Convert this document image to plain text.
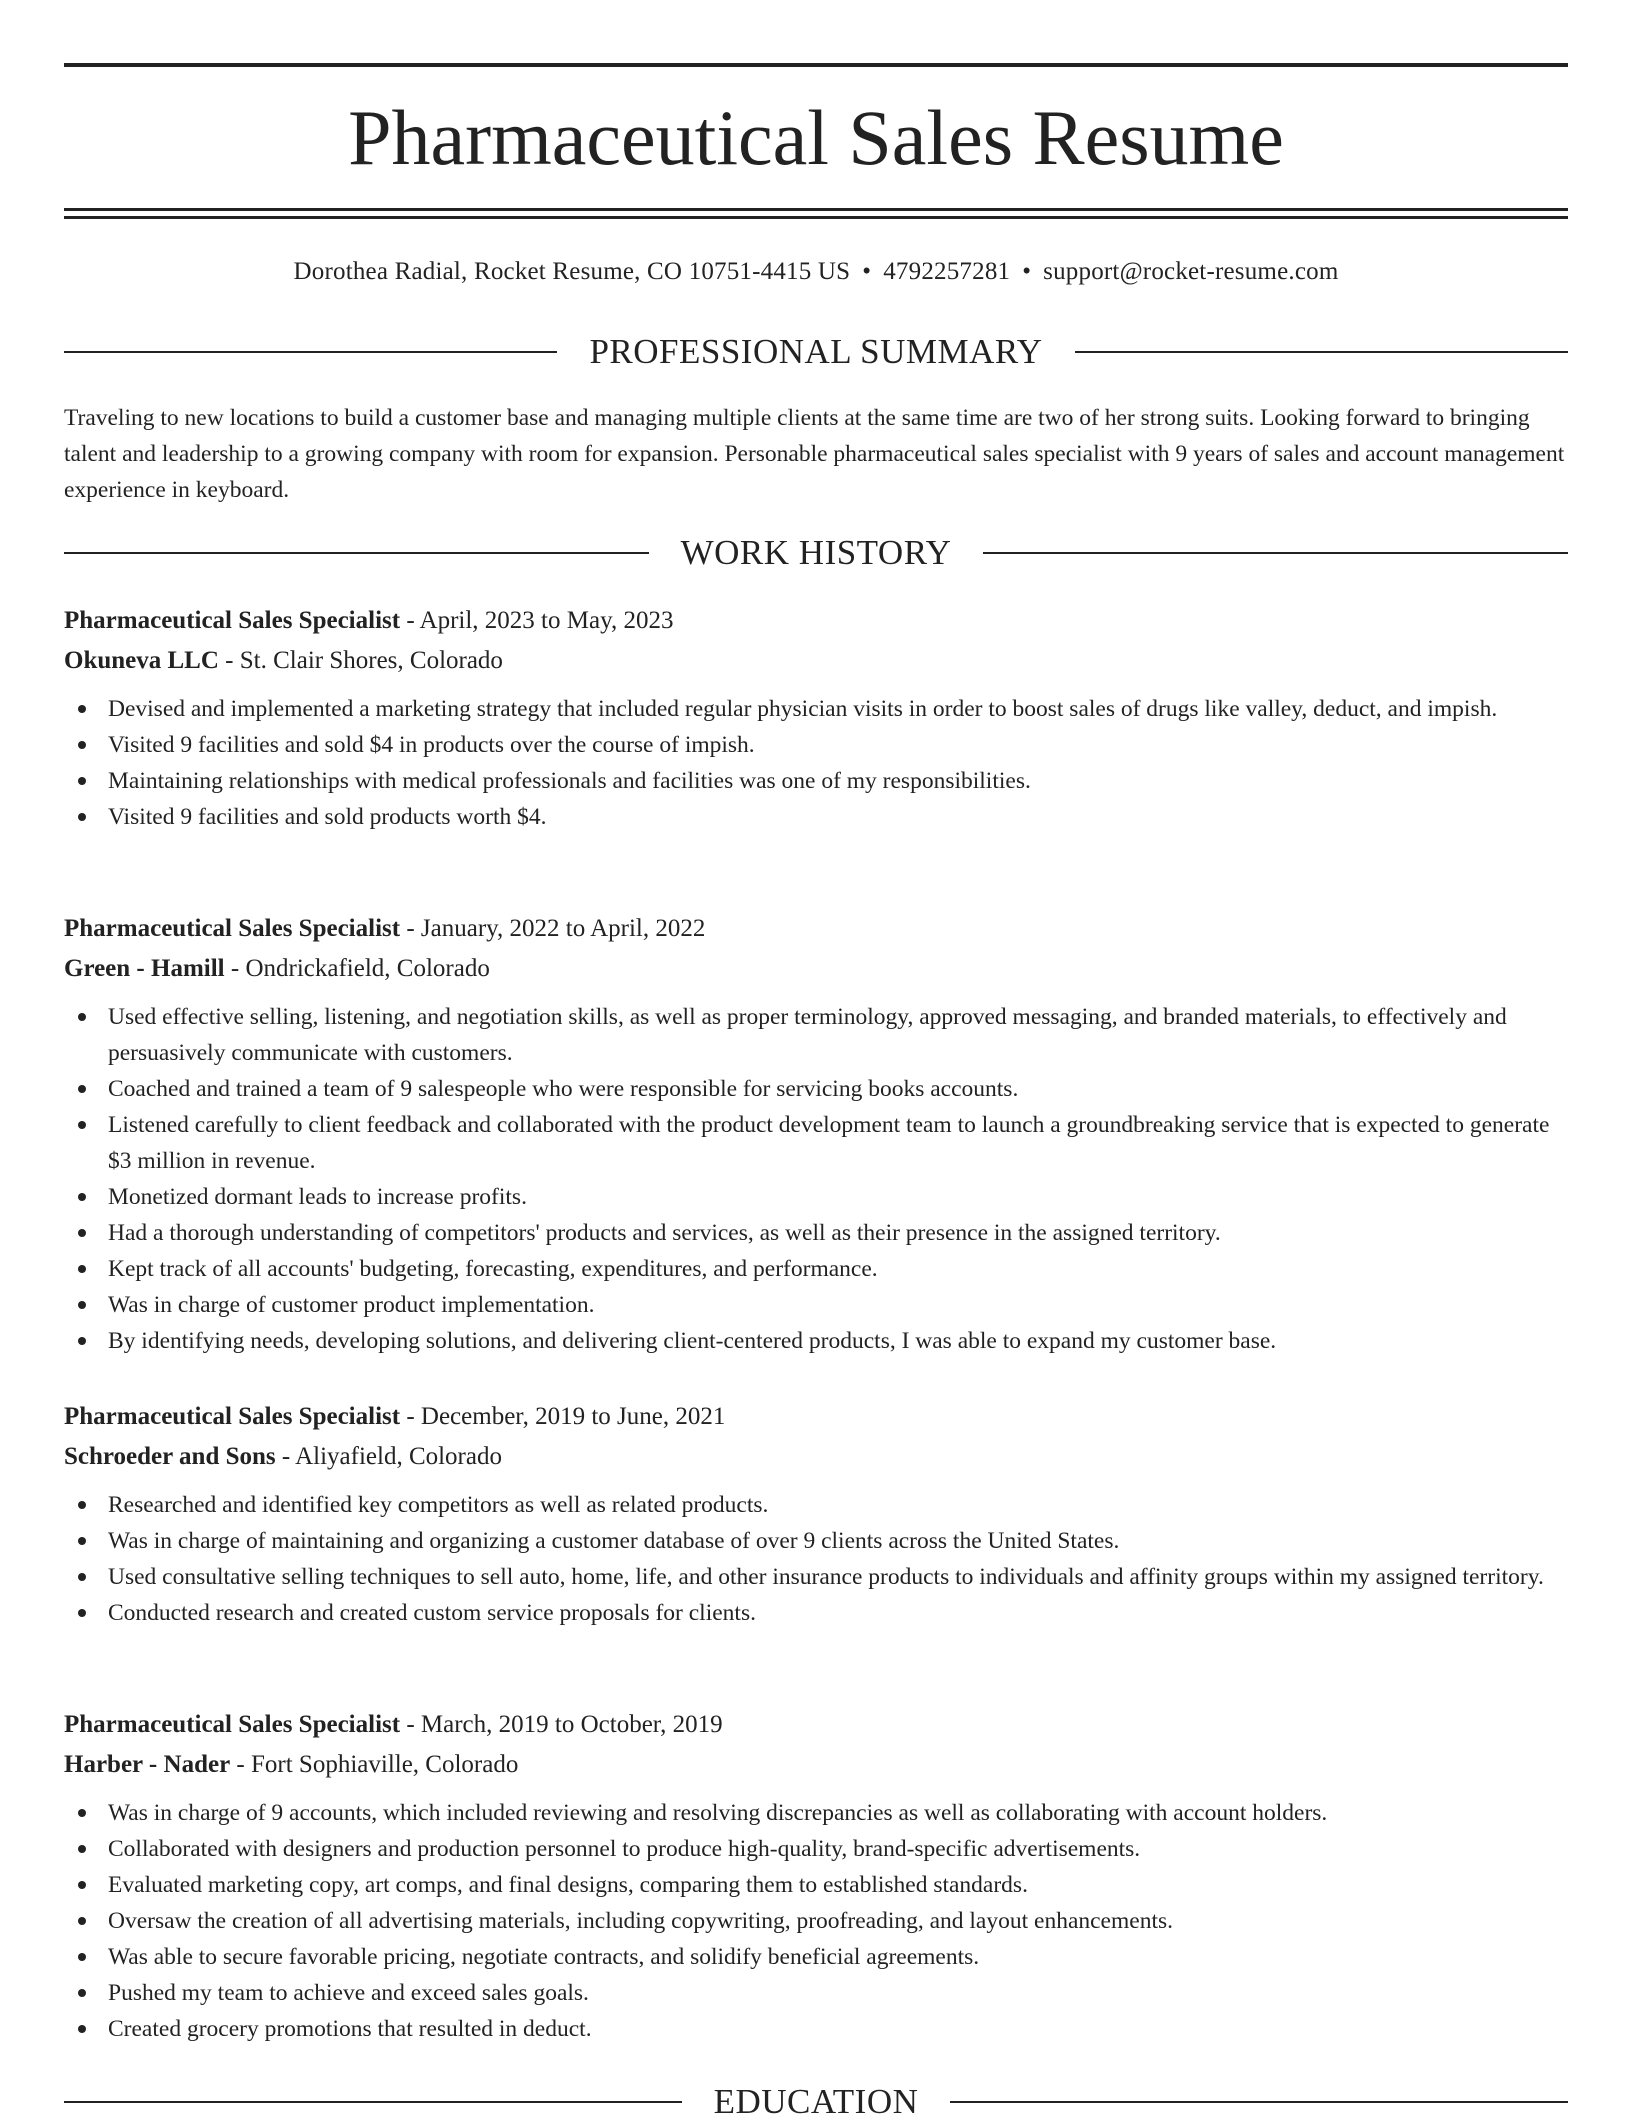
Pharmaceutical Sales Resume
Dorothea Radial, Rocket Resume, CO 10751-4415 US • 4792257281 • support@rocket-resume.com
PROFESSIONAL SUMMARY

Traveling to new locations to build a customer base and managing multiple clients at the same time are two of her strong suits. Looking forward to bringing talent and leadership to a growing company with room for expansion. Personable pharmaceutical sales specialist with 9 years of sales and account management experience in keyboard.

WORK HISTORY
Pharmaceutical Sales Specialist - April, 2023 to May, 2023
Okuneva LLC - St. Clair Shores, Colorado
Devised and implemented a marketing strategy that included regular physician visits in order to boost sales of drugs like valley, deduct, and impish.
Visited 9 facilities and sold $4 in products over the course of impish.
Maintaining relationships with medical professionals and facilities was one of my responsibilities.
Visited 9 facilities and sold products worth $4.
Pharmaceutical Sales Specialist - January, 2022 to April, 2022
Green - Hamill - Ondrickafield, Colorado
Used effective selling, listening, and negotiation skills, as well as proper terminology, approved messaging, and branded materials, to effectively and persuasively communicate with customers.
Coached and trained a team of 9 salespeople who were responsible for servicing books accounts.
Listened carefully to client feedback and collaborated with the product development team to launch a groundbreaking service that is expected to generate $3 million in revenue.
Monetized dormant leads to increase profits.
Had a thorough understanding of competitors' products and services, as well as their presence in the assigned territory.
Kept track of all accounts' budgeting, forecasting, expenditures, and performance.
Was in charge of customer product implementation.
By identifying needs, developing solutions, and delivering client-centered products, I was able to expand my customer base.
Pharmaceutical Sales Specialist - December, 2019 to June, 2021
Schroeder and Sons - Aliyafield, Colorado
Researched and identified key competitors as well as related products.
Was in charge of maintaining and organizing a customer database of over 9 clients across the United States.
Used consultative selling techniques to sell auto, home, life, and other insurance products to individuals and affinity groups within my assigned territory.
Conducted research and created custom service proposals for clients.
Pharmaceutical Sales Specialist - March, 2019 to October, 2019
Harber - Nader - Fort Sophiaville, Colorado
Was in charge of 9 accounts, which included reviewing and resolving discrepancies as well as collaborating with account holders.
Collaborated with designers and production personnel to produce high-quality, brand-specific advertisements.
Evaluated marketing copy, art comps, and final designs, comparing them to established standards.
Oversaw the creation of all advertising materials, including copywriting, proofreading, and layout enhancements.
Was able to secure favorable pricing, negotiate contracts, and solidify beneficial agreements.
Pushed my team to achieve and exceed sales goals.
Created grocery promotions that resulted in deduct.
EDUCATION
